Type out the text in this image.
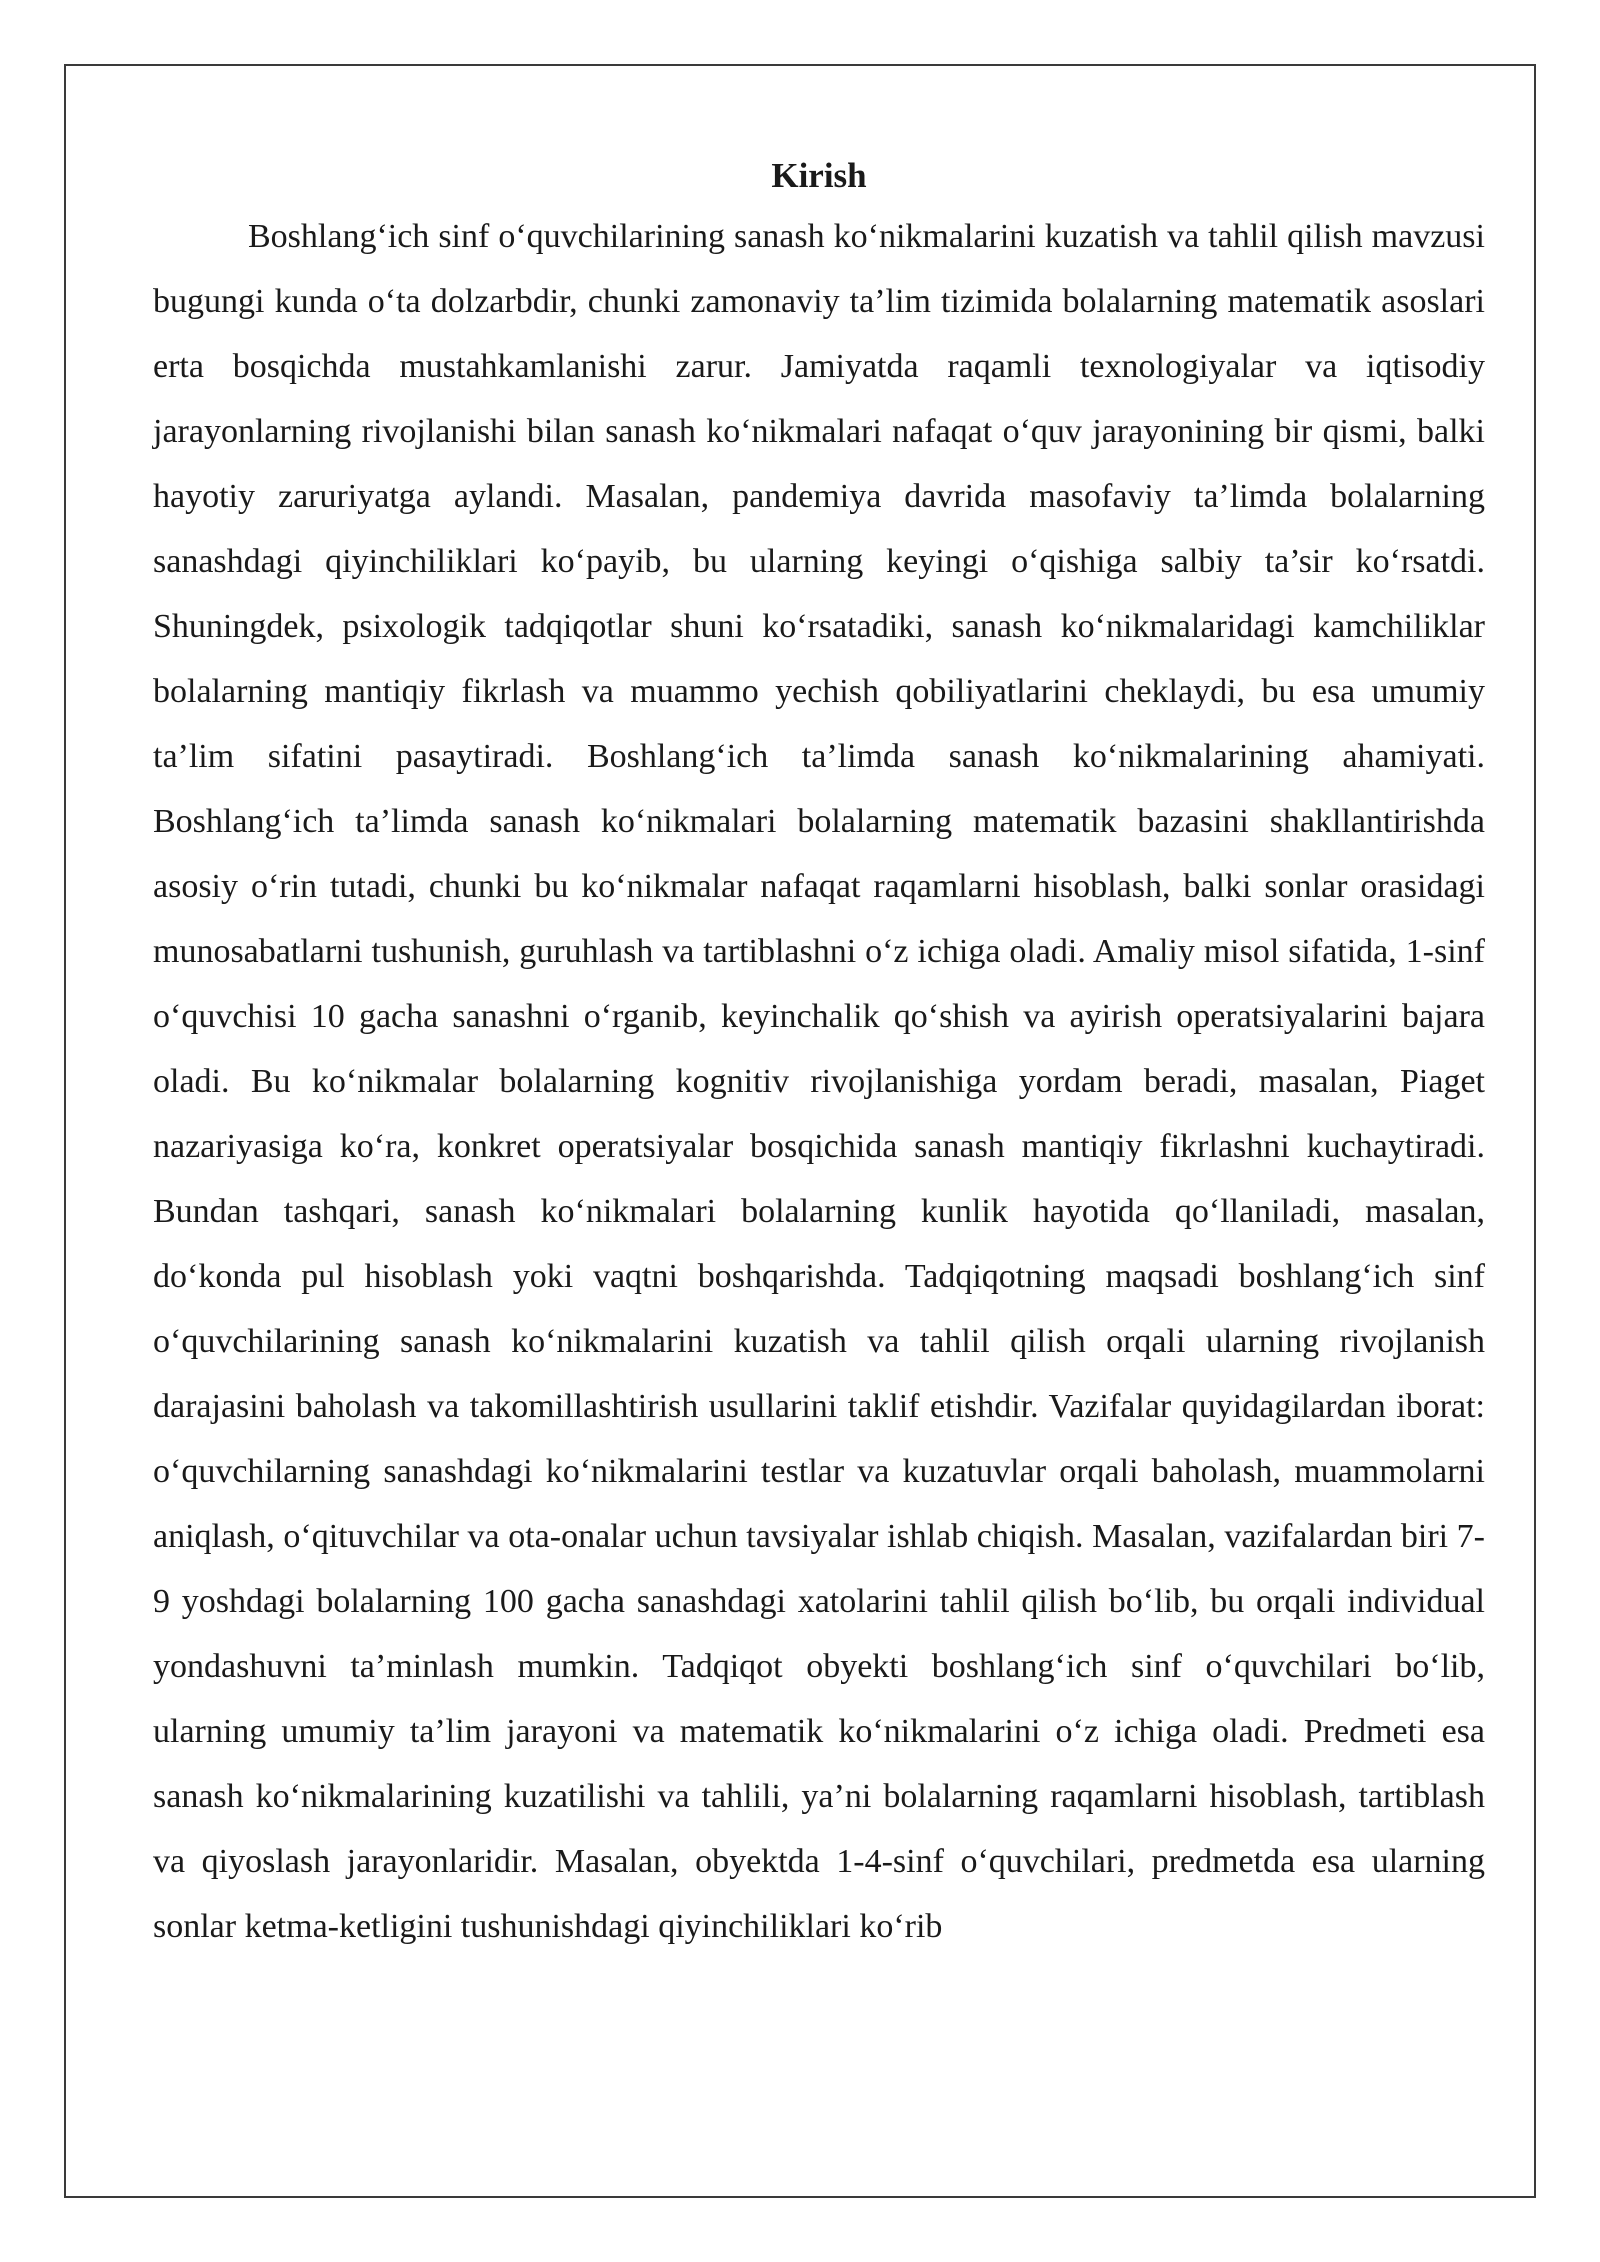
Kirish

Boshlang‘ich sinf o‘quvchilarining sanash ko‘nikmalarini kuzatish va tahlil qilish mavzusi bugungi kunda o‘ta dolzarbdir, chunki zamonaviy ta’lim tizimida bolalarning matematik asoslari erta bosqichda mustahkamlanishi zarur. Jamiyatda raqamli texnologiyalar va iqtisodiy jarayonlarning rivojlanishi bilan sanash ko‘nikmalari nafaqat o‘quv jarayonining bir qismi, balki hayotiy zaruriyatga aylandi. Masalan, pandemiya davrida masofaviy ta’limda bolalarning sanashdagi qiyinchiliklari ko‘payib, bu ularning keyingi o‘qishiga salbiy ta’sir ko‘rsatdi. Shuningdek, psixologik tadqiqotlar shuni ko‘rsatadiki, sanash ko‘nikmalaridagi kamchiliklar bolalarning mantiqiy fikrlash va muammo yechish qobiliyatlarini cheklaydi, bu esa umumiy ta’lim sifatini pasaytiradi. Boshlang‘ich ta’limda sanash ko‘nikmalarining ahamiyati. Boshlang‘ich ta’limda sanash ko‘nikmalari bolalarning matematik bazasini shakllantirishda asosiy o‘rin tutadi, chunki bu ko‘nikmalar nafaqat raqamlarni hisoblash, balki sonlar orasidagi munosabatlarni tushunish, guruhlash va tartiblashni o‘z ichiga oladi. Amaliy misol sifatida, 1-sinf o‘quvchisi 10 gacha sanashni o‘rganib, keyinchalik qo‘shish va ayirish operatsiyalarini bajara oladi. Bu ko‘nikmalar bolalarning kognitiv rivojlanishiga yordam beradi, masalan, Piaget nazariyasiga ko‘ra, konkret operatsiyalar bosqichida sanash mantiqiy fikrlashni kuchaytiradi. Bundan tashqari, sanash ko‘nikmalari bolalarning kunlik hayotida qo‘llaniladi, masalan, do‘konda pul hisoblash yoki vaqtni boshqarishda. Tadqiqotning maqsadi boshlang‘ich sinf o‘quvchilarining sanash ko‘nikmalarini kuzatish va tahlil qilish orqali ularning rivojlanish darajasini baholash va takomillashtirish usullarini taklif etishdir. Vazifalar quyidagilardan iborat: o‘quvchilarning sanashdagi ko‘nikmalarini testlar va kuzatuvlar orqali baholash, muammolarni aniqlash, o‘qituvchilar va ota-onalar uchun tavsiyalar ishlab chiqish. Masalan, vazifalardan biri 7-9 yoshdagi bolalarning 100 gacha sanashdagi xatolarini tahlil qilish bo‘lib, bu orqali individual yondashuvni ta’minlash mumkin. Tadqiqot obyekti boshlang‘ich sinf o‘quvchilari bo‘lib, ularning umumiy ta’lim jarayoni va matematik ko‘nikmalarini o‘z ichiga oladi. Predmeti esa sanash ko‘nikmalarining kuzatilishi va tahlili, ya’ni bolalarning raqamlarni hisoblash, tartiblash va qiyoslash jarayonlaridir. Masalan, obyektda 1-4-sinf o‘quvchilari, predmetda esa ularning sonlar ketma-ketligini tushunishdagi qiyinchiliklari ko‘rib
